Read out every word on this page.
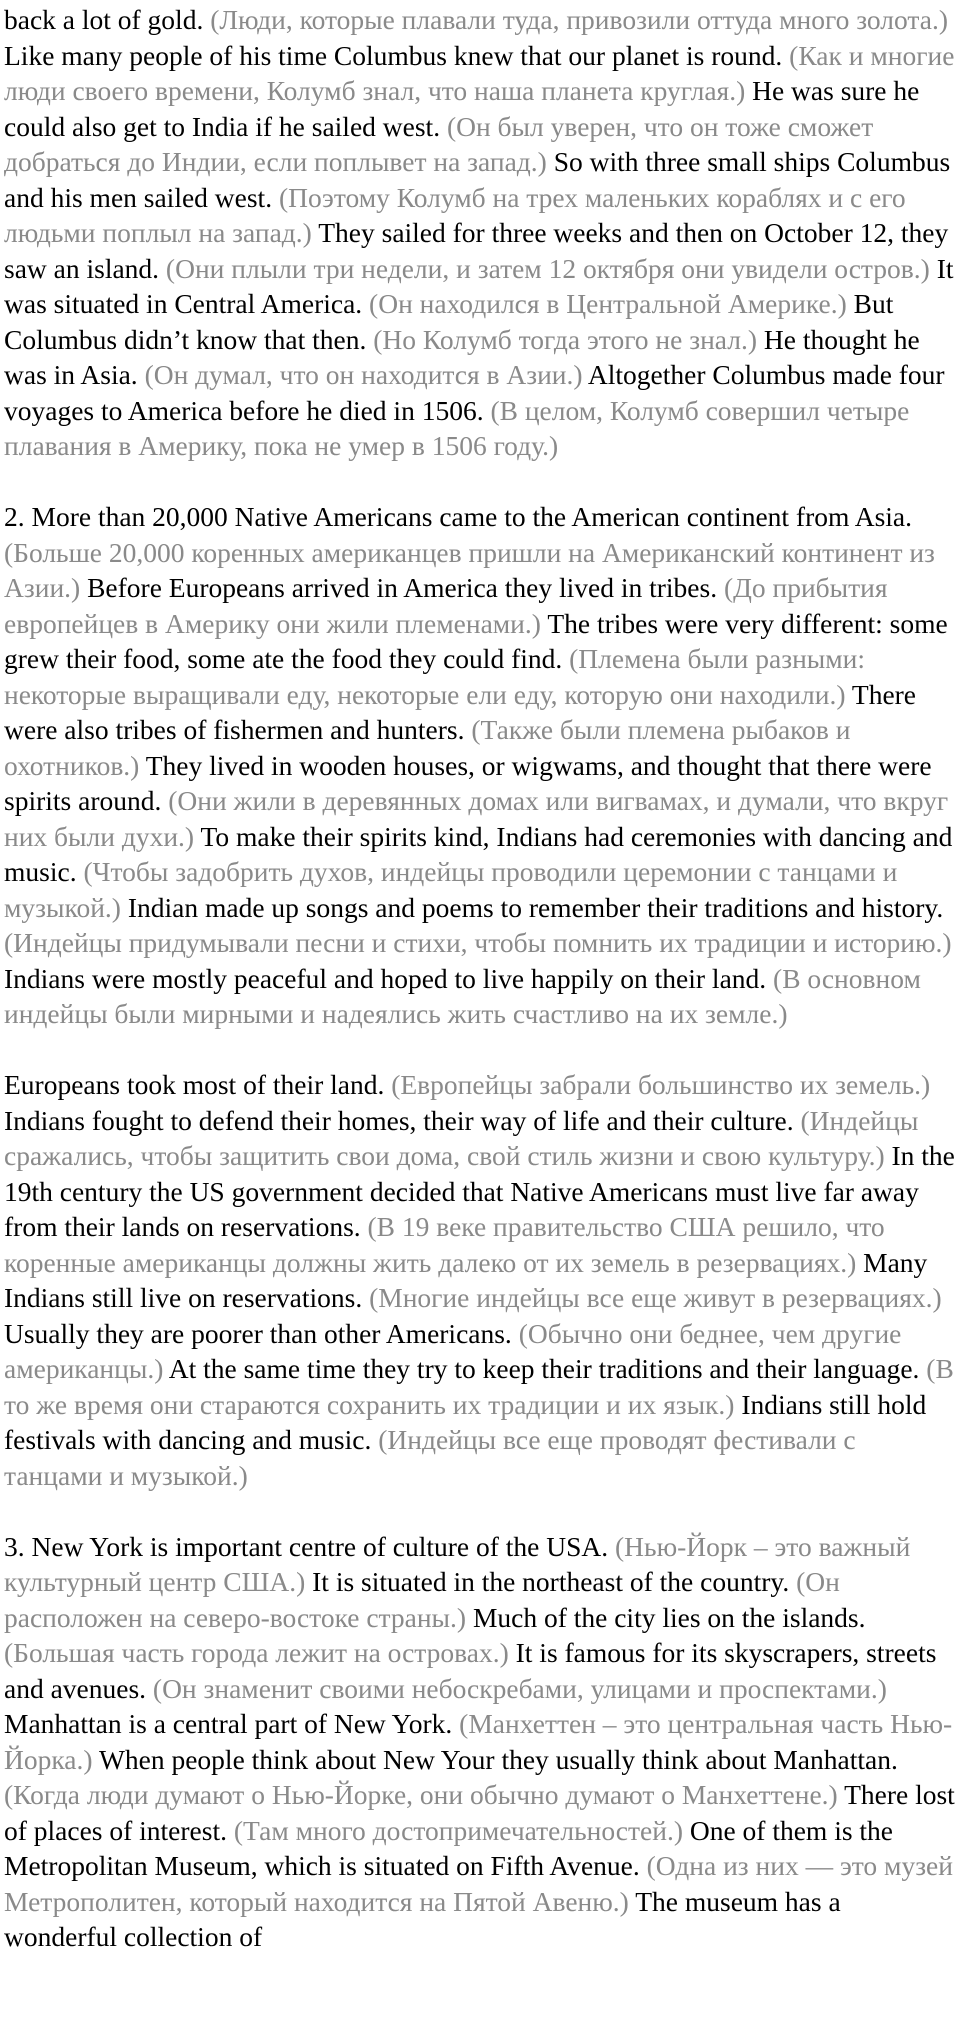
back a lot of gold. (Люди, которые плавали туда, привозили оттуда много золота.) Like many people of his time Columbus knew that our planet is round. (Как и многие люди своего времени, Колумб знал, что наша планета круглая.) He was sure he could also get to India if he sailed west. (Он был уверен, что он тоже сможет добраться до Индии, если поплывет на запад.) So with three small ships Columbus and his men sailed west. (Поэтому Колумб на трех маленьких кораблях и с его людьми поплыл на запад.) They sailed for three weeks and then on October 12, they saw an island. (Они плыли три недели, и затем 12 октября они увидели остров.) It was situated in Central America. (Он находился в Центральной Америке.) But Columbus didn’t know that then. (Но Колумб тогда этого не знал.) He thought he was in Asia. (Он думал, что он находится в Азии.) Altogether Columbus made four voyages to America before he died in 1506. (В целом, Колумб совершил четыре плавания в Америку, пока не умер в 1506 году.)

2. More than 20,000 Native Americans came to the American continent from Asia. (Больше 20,000 коренных американцев пришли на Американский континент из Азии.) Before Europeans arrived in America they lived in tribes. (До прибытия европейцев в Америку они жили племенами.) The tribes were very different: some grew their food, some ate the food they could find. (Племена были разными: некоторые выращивали еду, некоторые ели еду, которую они находили.) There were also tribes of fishermen and hunters. (Также были племена рыбаков и охотников.) They lived in wooden houses, or wigwams, and thought that there were spirits around. (Они жили в деревянных домах или вигвамах, и думали, что вкруг них были духи.) To make their spirits kind, Indians had ceremonies with dancing and music. (Чтобы задобрить духов, индейцы проводили церемонии с танцами и музыкой.) Indian made up songs and poems to remember their traditions and history. (Индейцы придумывали песни и стихи, чтобы помнить их традиции и историю.) Indians were mostly peaceful and hoped to live happily on their land. (В основном индейцы были мирными и надеялись жить счастливо на их земле.)

Europeans took most of their land. (Европейцы забрали большинство их земель.) Indians fought to defend their homes, their way of life and their culture. (Индейцы сражались, чтобы защитить свои дома, свой стиль жизни и свою культуру.) In the 19th century the US government decided that Native Americans must live far away from their lands on reservations. (В 19 веке правительство США решило, что коренные американцы должны жить далеко от их земель в резервациях.) Many Indians still live on reservations. (Многие индейцы все еще живут в резервациях.) Usually they are poorer than other Americans. (Обычно они беднее, чем другие американцы.) At the same time they try to keep their traditions and their language. (В то же время они стараются сохранить их традиции и их язык.) Indians still hold festivals with dancing and music. (Индейцы все еще проводят фестивали с танцами и музыкой.)

3. New York is important centre of culture of the USA. (Нью-Йорк – это важный культурный центр США.) It is situated in the northeast of the country. (Он расположен на северо-востоке страны.) Much of the city lies on the islands. (Большая часть города лежит на островах.) It is famous for its skyscrapers, streets and avenues. (Он знаменит своими небоскребами, улицами и проспектами.) Manhattan is a central part of New York. (Манхеттен – это центральная часть Нью-Йорка.) When people think about New Your they usually think about Manhattan. (Когда люди думают о Нью-Йорке, они обычно думают о Манхеттене.) There lost of places of interest. (Там много достопримечательностей.) One of them is the Metropolitan Museum, which is situated on Fifth Avenue. (Одна из них — это музей Метрополитен, который находится на Пятой Авеню.) The museum has a wonderful collection of
